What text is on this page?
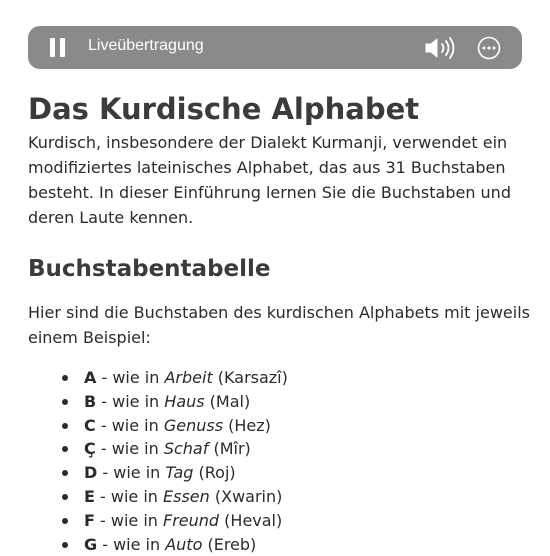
Liveübertragung
Das Kurdische Alphabet

Kurdisch, insbesondere der Dialekt Kurmanji, verwendet ein modifiziertes lateinisches Alphabet, das aus 31 Buchstaben besteht. In dieser Einführung lernen Sie die Buchstaben und deren Laute kennen.

Buchstabentabelle

Hier sind die Buchstaben des kurdischen Alphabets mit jeweils einem Beispiel:

A - wie in Arbeit (Karsazî)
B - wie in Haus (Mal)
C - wie in Genuss (Hez)
Ç - wie in Schaf (Mîr)
D - wie in Tag (Roj)
E - wie in Essen (Xwarin)
F - wie in Freund (Heval)
G - wie in Auto (Ereb)
